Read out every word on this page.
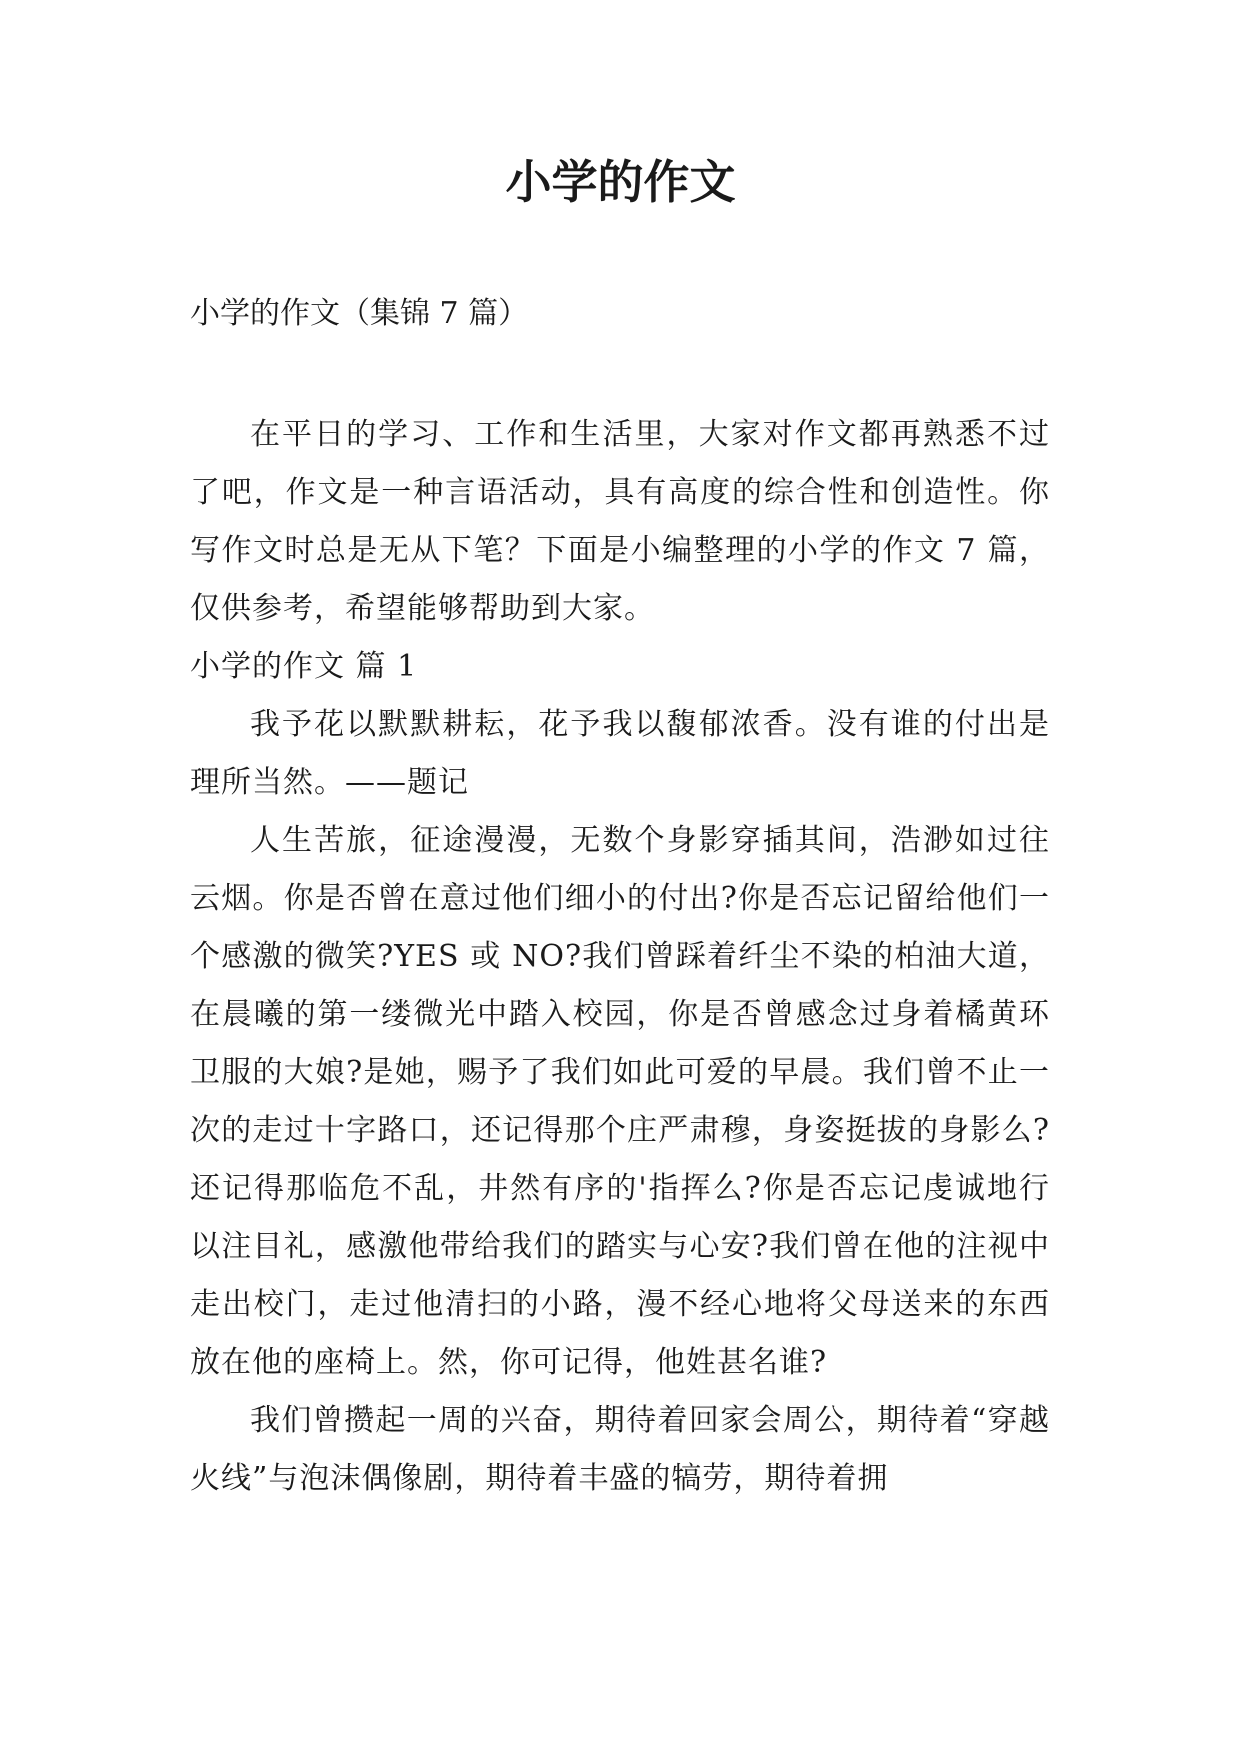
小学的作文
小学的作文（集锦 7 篇）

在平日的学习、工作和生活里，大家对作文都再熟悉不过了吧，作文是一种言语活动，具有高度的综合性和创造性。你写作文时总是无从下笔？下面是小编整理的小学的作文 7 篇，仅供参考，希望能够帮助到大家。

小学的作文 篇 1

我予花以默默耕耘，花予我以馥郁浓香。没有谁的付出是理所当然。——题记

人生苦旅，征途漫漫，无数个身影穿插其间，浩渺如过往云烟。你是否曾在意过他们细小的付出?你是否忘记留给他们一个感激的微笑?YES 或 NO?我们曾踩着纤尘不染的柏油大道，在晨曦的第一缕微光中踏入校园，你是否曾感念过身着橘黄环卫服的大娘?是她，赐予了我们如此可爱的早晨。我们曾不止一次的走过十字路口，还记得那个庄严肃穆，身姿挺拔的身影么?还记得那临危不乱，井然有序的'指挥么?你是否忘记虔诚地行以注目礼，感激他带给我们的踏实与心安?我们曾在他的注视中走出校门，走过他清扫的小路，漫不经心地将父母送来的东西放在他的座椅上。然，你可记得，他姓甚名谁?

我们曾攒起一周的兴奋，期待着回家会周公，期待着“穿越火线”与泡沫偶像剧，期待着丰盛的犒劳，期待着拥
